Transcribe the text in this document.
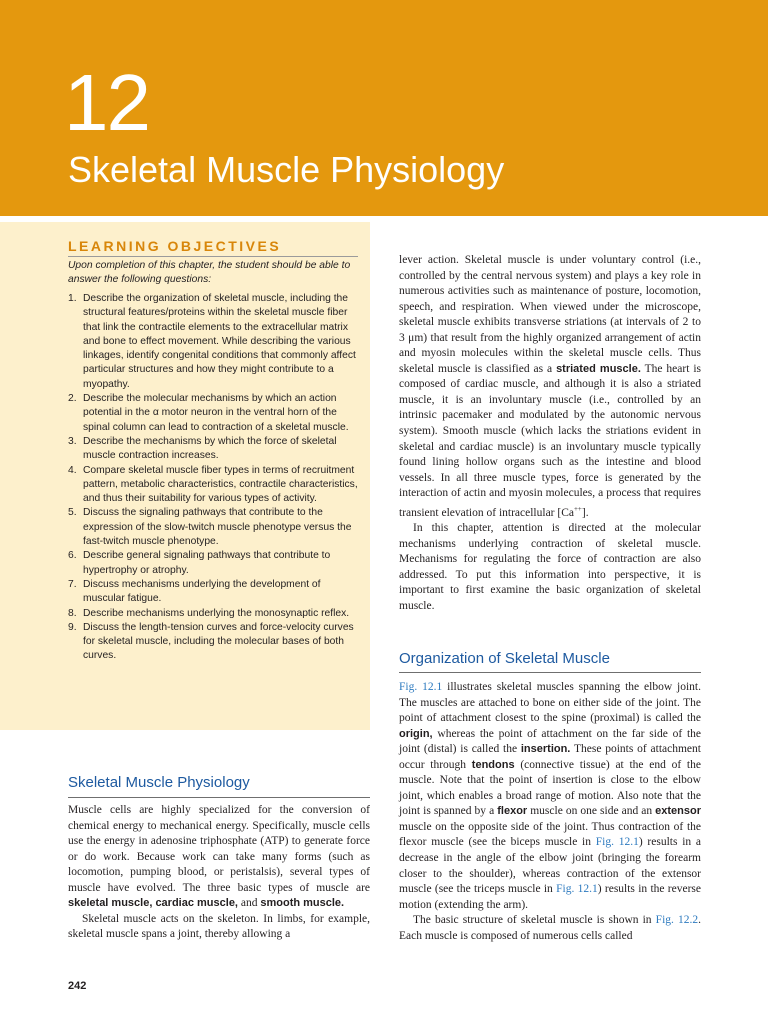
12
Skeletal Muscle Physiology
LEARNING OBJECTIVES

Upon completion of this chapter, the student should be able to answer the following questions:

1. Describe the organization of skeletal muscle, including the structural features/proteins within the skeletal muscle fiber that link the contractile elements to the extracellular matrix and bone to effect movement. While describing the various linkages, identify congenital conditions that commonly affect particular structures and how they might contribute to a myopathy.
2. Describe the molecular mechanisms by which an action potential in the α motor neuron in the ventral horn of the spinal column can lead to contraction of a skeletal muscle.
3. Describe the mechanisms by which the force of skeletal muscle contraction increases.
4. Compare skeletal muscle fiber types in terms of recruitment pattern, metabolic characteristics, contractile characteristics, and thus their suitability for various types of activity.
5. Discuss the signaling pathways that contribute to the expression of the slow-twitch muscle phenotype versus the fast-twitch muscle phenotype.
6. Describe general signaling pathways that contribute to hypertrophy or atrophy.
7. Discuss mechanisms underlying the development of muscular fatigue.
8. Describe mechanisms underlying the monosynaptic reflex.
9. Discuss the length-tension curves and force-velocity curves for skeletal muscle, including the molecular bases of both curves.
Skeletal Muscle Physiology

Muscle cells are highly specialized for the conversion of chemical energy to mechanical energy. Specifically, muscle cells use the energy in adenosine triphosphate (ATP) to generate force or do work. Because work can take many forms (such as locomotion, pumping blood, or peristalsis), several types of muscle have evolved. The three basic types of muscle are skeletal muscle, cardiac muscle, and smooth muscle.

Skeletal muscle acts on the skeleton. In limbs, for example, skeletal muscle spans a joint, thereby allowing a

lever action. Skeletal muscle is under voluntary control (i.e., controlled by the central nervous system) and plays a key role in numerous activities such as maintenance of posture, locomotion, speech, and respiration. When viewed under the microscope, skeletal muscle exhibits transverse striations (at intervals of 2 to 3 μm) that result from the highly organized arrangement of actin and myosin molecules within the skeletal muscle cells. Thus skeletal muscle is classified as a striated muscle. The heart is composed of cardiac muscle, and although it is also a striated muscle, it is an involuntary muscle (i.e., controlled by an intrinsic pacemaker and modulated by the autonomic nervous system). Smooth muscle (which lacks the striations evident in skeletal and cardiac muscle) is an involuntary muscle typically found lining hollow organs such as the intestine and blood vessels. In all three muscle types, force is generated by the interaction of actin and myosin molecules, a process that requires transient elevation of intracellular [Ca++].

In this chapter, attention is directed at the molecular mechanisms underlying contraction of skeletal muscle. Mechanisms for regulating the force of contraction are also addressed. To put this information into perspective, it is important to first examine the basic organization of skeletal muscle.

Organization of Skeletal Muscle

Fig. 12.1 illustrates skeletal muscles spanning the elbow joint. The muscles are attached to bone on either side of the joint. The point of attachment closest to the spine (proximal) is called the origin, whereas the point of attachment on the far side of the joint (distal) is called the insertion. These points of attachment occur through tendons (connective tissue) at the end of the muscle. Note that the point of insertion is close to the elbow joint, which enables a broad range of motion. Also note that the joint is spanned by a flexor muscle on one side and an extensor muscle on the opposite side of the joint. Thus contraction of the flexor muscle (see the biceps muscle in Fig. 12.1) results in a decrease in the angle of the elbow joint (bringing the forearm closer to the shoulder), whereas contraction of the extensor muscle (see the triceps muscle in Fig. 12.1) results in the reverse motion (extending the arm).

The basic structure of skeletal muscle is shown in Fig. 12.2. Each muscle is composed of numerous cells called

242
